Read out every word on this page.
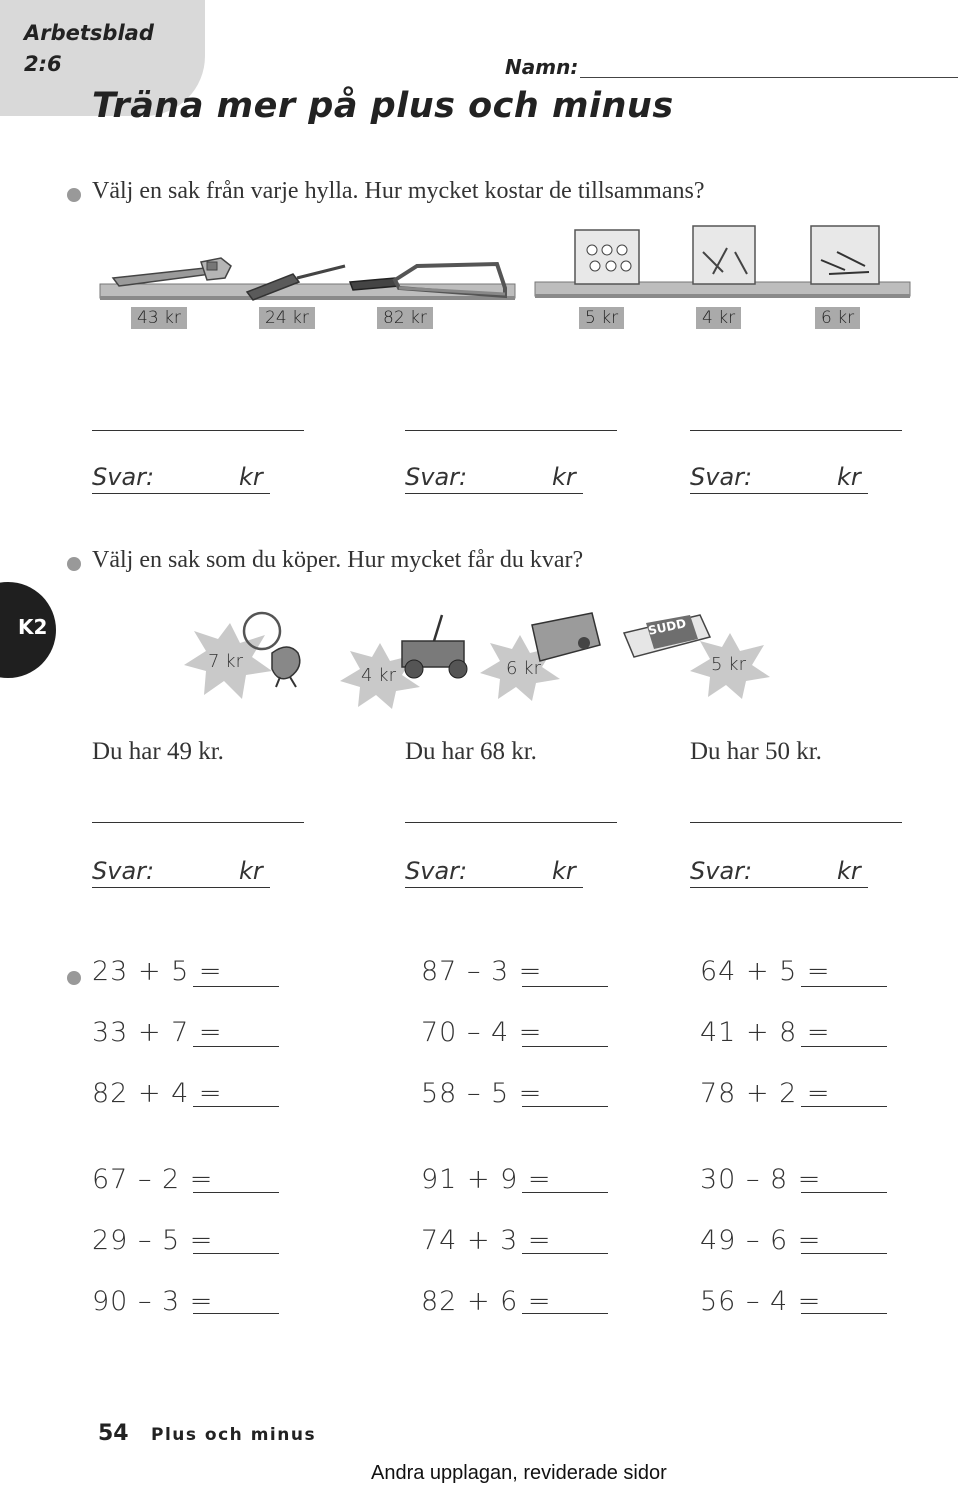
Arbetsblad
2:6	Namn:
Träna mer på plus och minus
Välj en sak från varje hylla. Hur mycket kostar de tillsammans?
43 kr	24 kr	82 kr	5 kr	4 kr	6 kr
Svar:	kr	Svar:	kr	Svar:	kr
Välj en sak som du köper. Hur mycket får du kvar?
K2	SUDD
7 kr
4 kr	6 kr	5 kr
Du har 49 kr.	Du har 68 kr.	Du har 50 kr.
Svar:	kr	Svar:	kr	Svar:	kr
23 + 5 =
33 + 7 =
82 + 4 =
67 – 2 =
29 – 5 =
90 – 3 =
87 – 3 =
70 – 4 =
58 – 5 =
91 + 9 =
74 + 3 =
82 + 6 =
64 + 5 =
41 + 8 =
78 + 2 =
30 – 8 =
49 – 6 =
56 – 4 =
54 Plus och minus
Andra upplagan, reviderade sidor
